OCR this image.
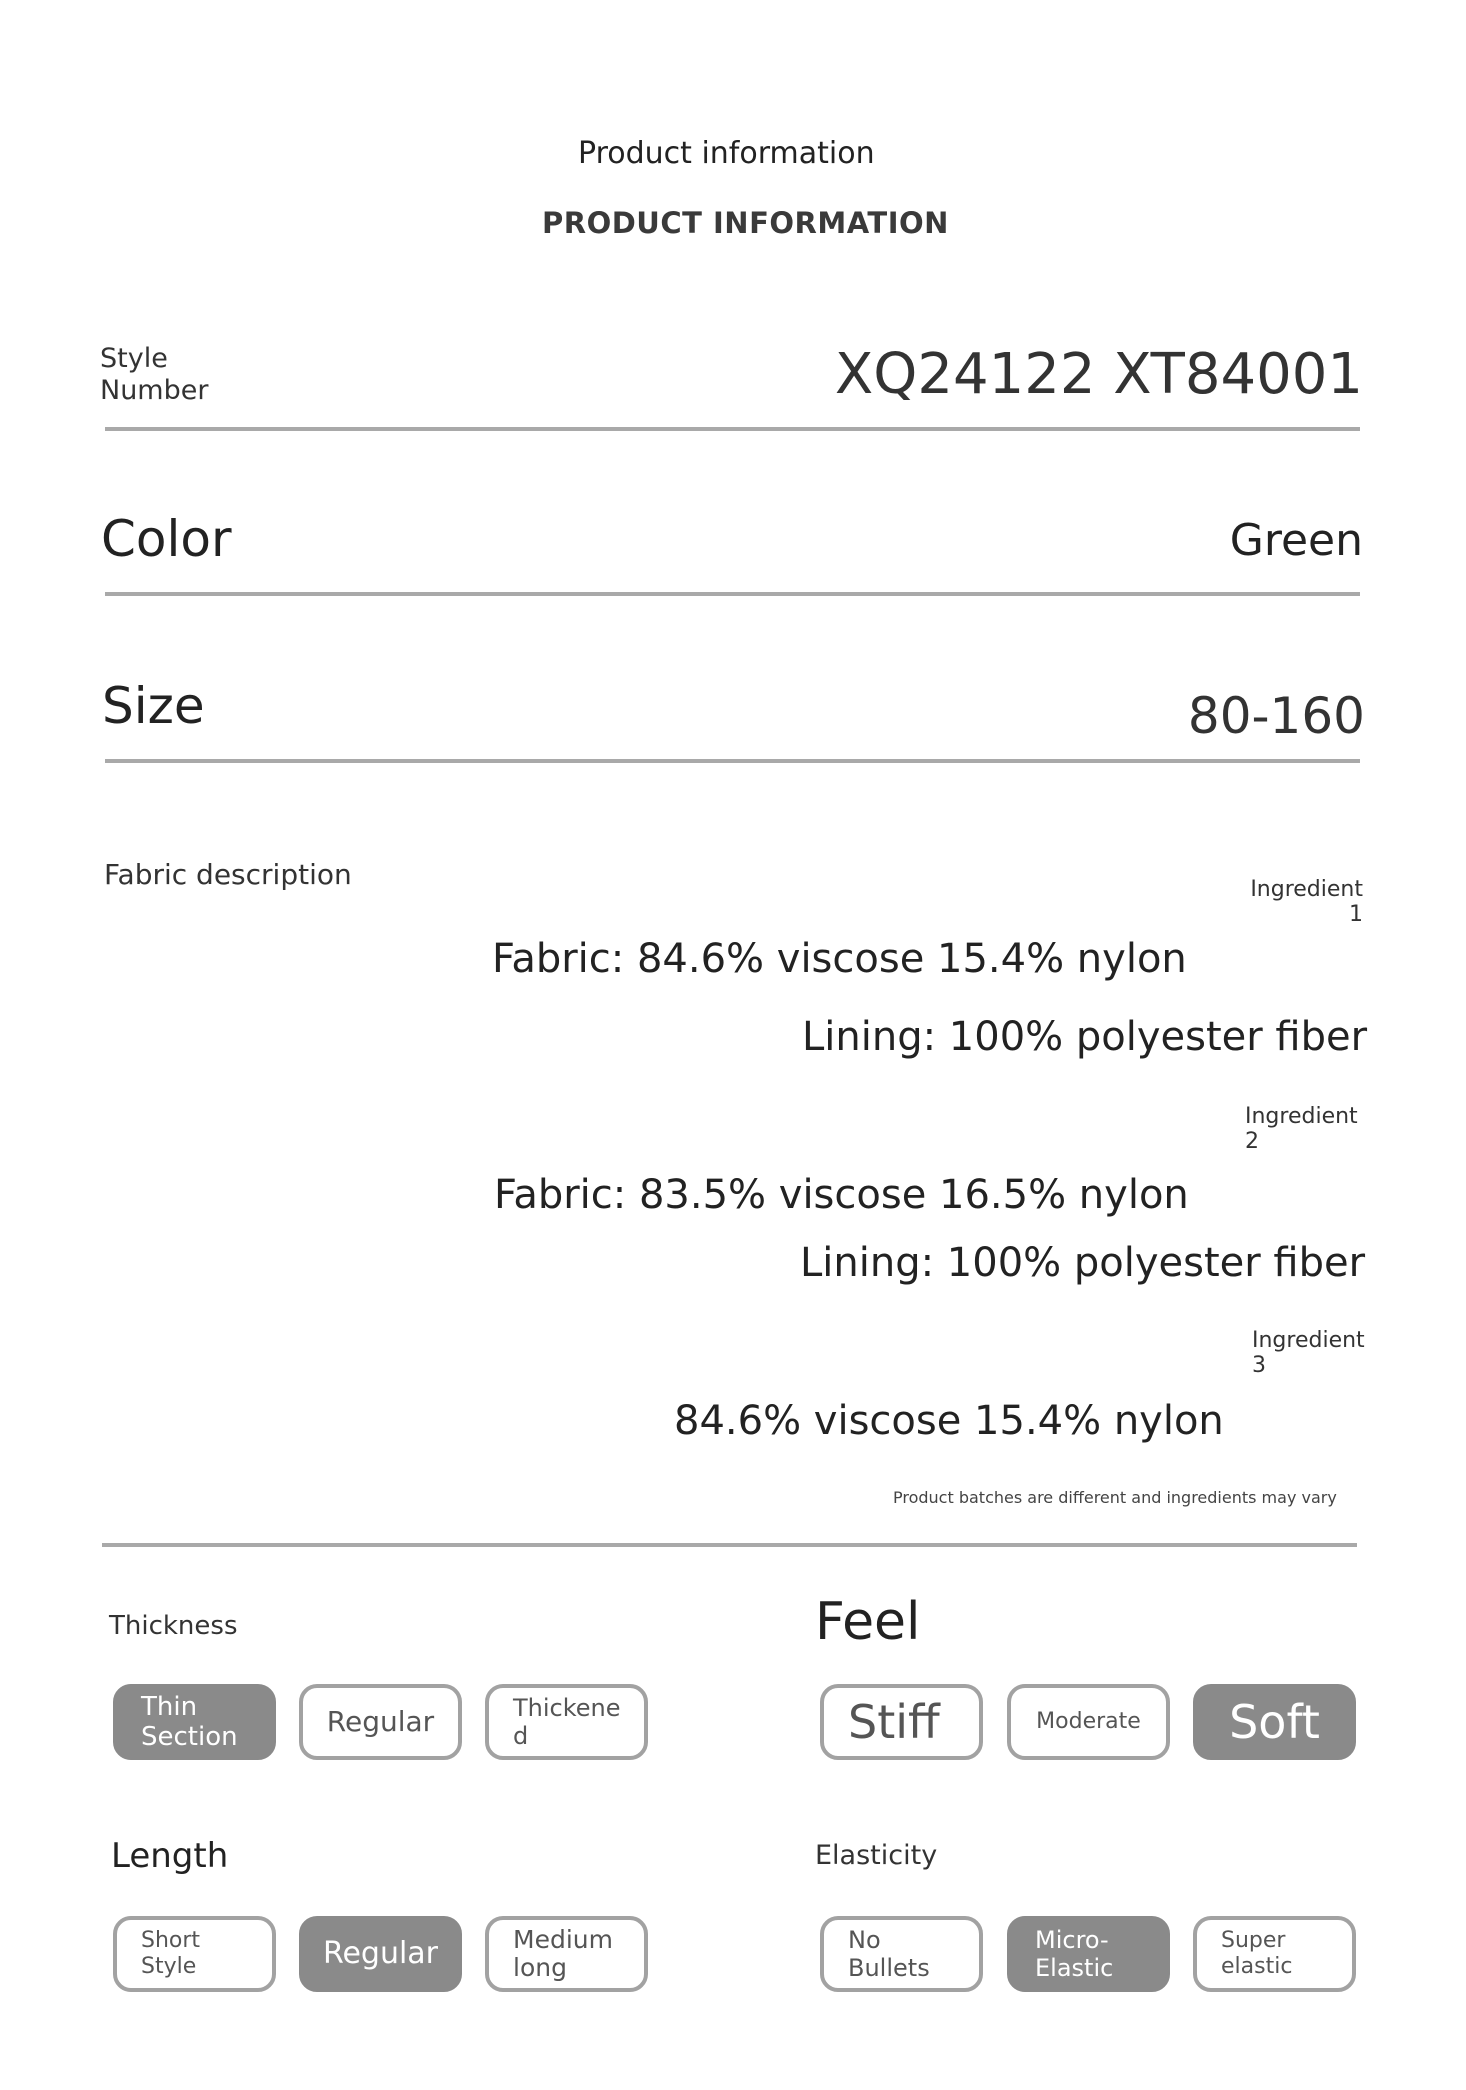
Product information
PRODUCT INFORMATION
Style Number	XQ24122 XT84001
Color	Green
Size	80-160
Fabric description	Ingredient 1
Fabric: 84.6% viscose 15.4% nylon
Lining: 100% polyester fiber
Ingredient 2
Fabric: 83.5% viscose 16.5% nylon
Lining: 100% polyester fiber
Ingredient 3
84.6% viscose 15.4% nylon
Product batches are different and ingredients may vary
Thickness
Thin Section	Regular	Thickene d
Feel
Stiff	Moderate	Soft
Length
Short Style	Regular	Medium long
Elasticity
No Bullets
Micro-Elastic
Super elastic
